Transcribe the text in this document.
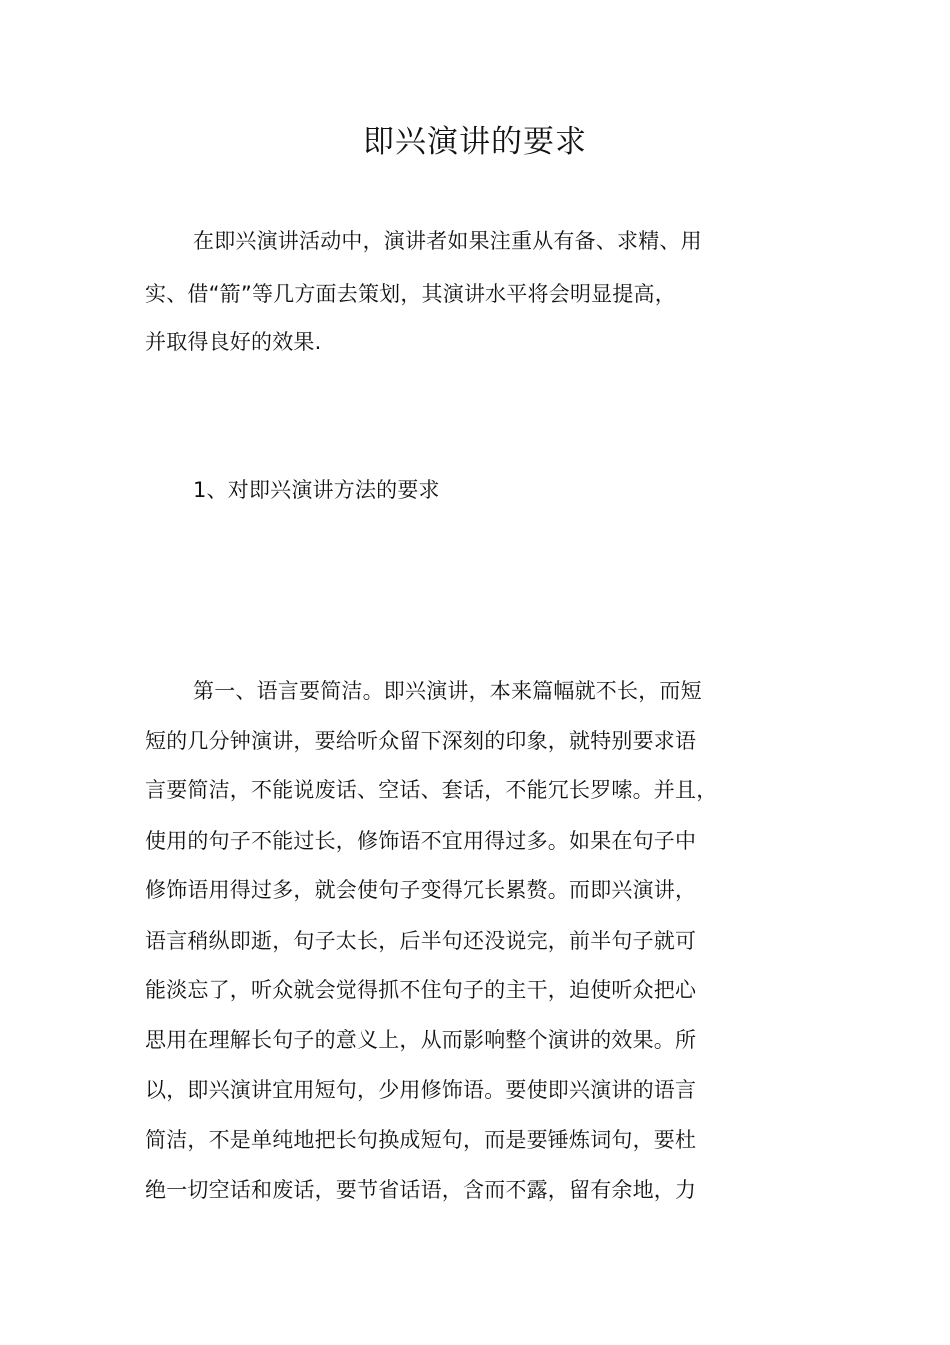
即兴演讲的要求
在即兴演讲活动中，演讲者如果注重从有备、求精、用
实、借“箭”等几方面去策划，其演讲水平将会明显提高，
并取得良好的效果.
1、对即兴演讲方法的要求
第一、语言要简洁。即兴演讲，本来篇幅就不长，而短
短的几分钟演讲，要给听众留下深刻的印象，就特别要求语
言要简洁，不能说废话、空话、套话，不能冗长罗嗦。并且，
使用的句子不能过长，修饰语不宜用得过多。如果在句子中
修饰语用得过多，就会使句子变得冗长累赘。而即兴演讲，
语言稍纵即逝，句子太长，后半句还没说完，前半句子就可
能淡忘了，听众就会觉得抓不住句子的主干，迫使听众把心
思用在理解长句子的意义上，从而影响整个演讲的效果。所
以，即兴演讲宜用短句，少用修饰语。要使即兴演讲的语言
简洁，不是单纯地把长句换成短句，而是要锤炼词句，要杜
绝一切空话和废话，要节省话语，含而不露，留有余地，力
